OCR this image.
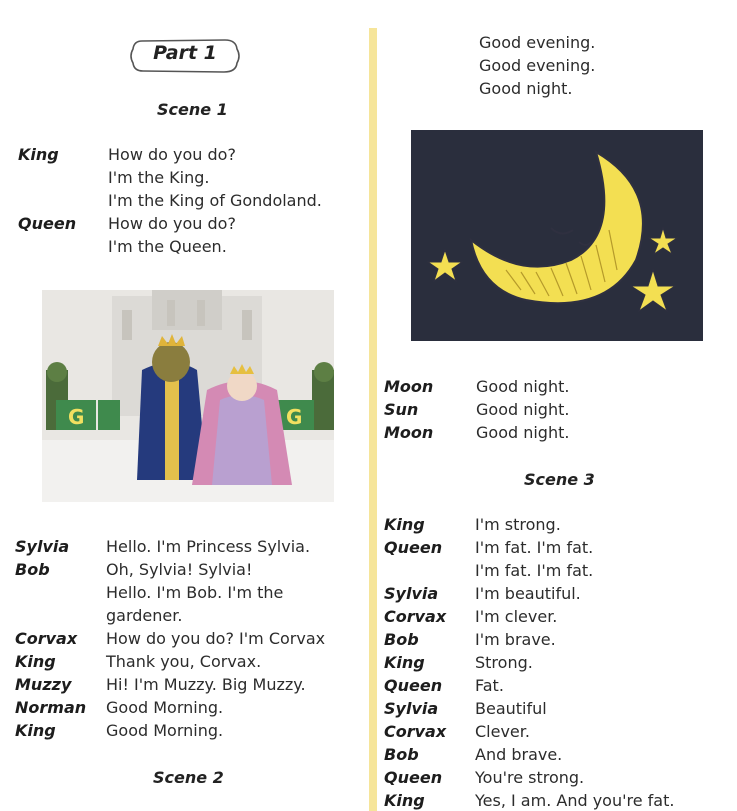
Part 1
Scene 1
King	How do you do?
I'm the King.
I'm the King of Gondoland.
Queen How do you do?
I'm the Queen.
G	G
Sylvia Hello. I'm Princess Sylvia.
Bob	Oh, Sylvia! Sylvia!
Hello. I'm Bob. I'm the
gardener.
Corvax How do you do? I'm Corvax
King	Thank you, Corvax.
Muzzy Hi! I'm Muzzy. Big Muzzy.
Norman Good Morning.
King	Good Morning.
Scene 2
Good evening.
Good evening.
Good night.
Moon	Good night.
Sun	Good night.
Moon	Good night.
Scene 3
King	I'm strong.
Queen I'm fat. I'm fat.
I'm fat. I'm fat.
Sylvia I'm beautiful.
Corvax I'm clever.
Bob	I'm brave.
King	Strong.
Queen Fat.
Sylvia Beautiful
Corvax Clever.
Bob	And brave.
Queen You're strong.
King	Yes, I am. And you're fat.
